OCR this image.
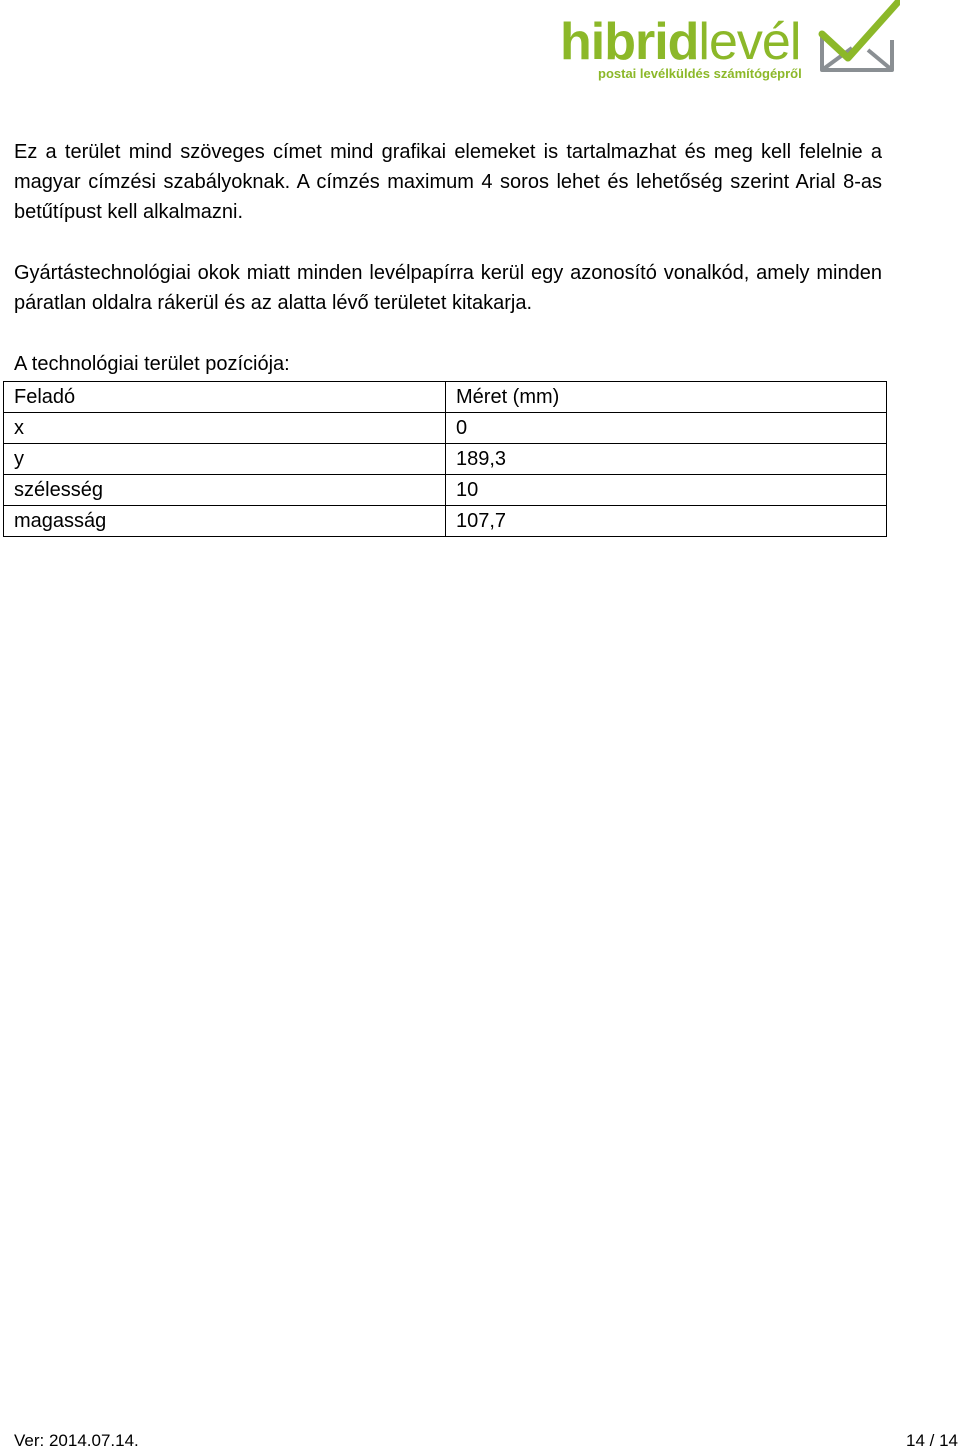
hibridlevél
postai levélküldés számítógépről
Ez a terület mind szöveges címet mind grafikai elemeket is tartalmazhat és meg kell felelnie a magyar címzési szabályoknak. A címzés maximum 4 soros lehet és lehetőség szerint Arial 8-as betűtípust kell alkalmazni.
Gyártástechnológiai okok miatt minden levélpapírra kerül egy azonosító vonalkód, amely minden páratlan oldalra rákerül és az alatta lévő területet kitakarja.
A technológiai terület pozíciója:
Feladó	Méret (mm)
x	0
y	189,3
szélesség	10
magasság	107,7
Ver: 2014.07.14.	14 / 14
